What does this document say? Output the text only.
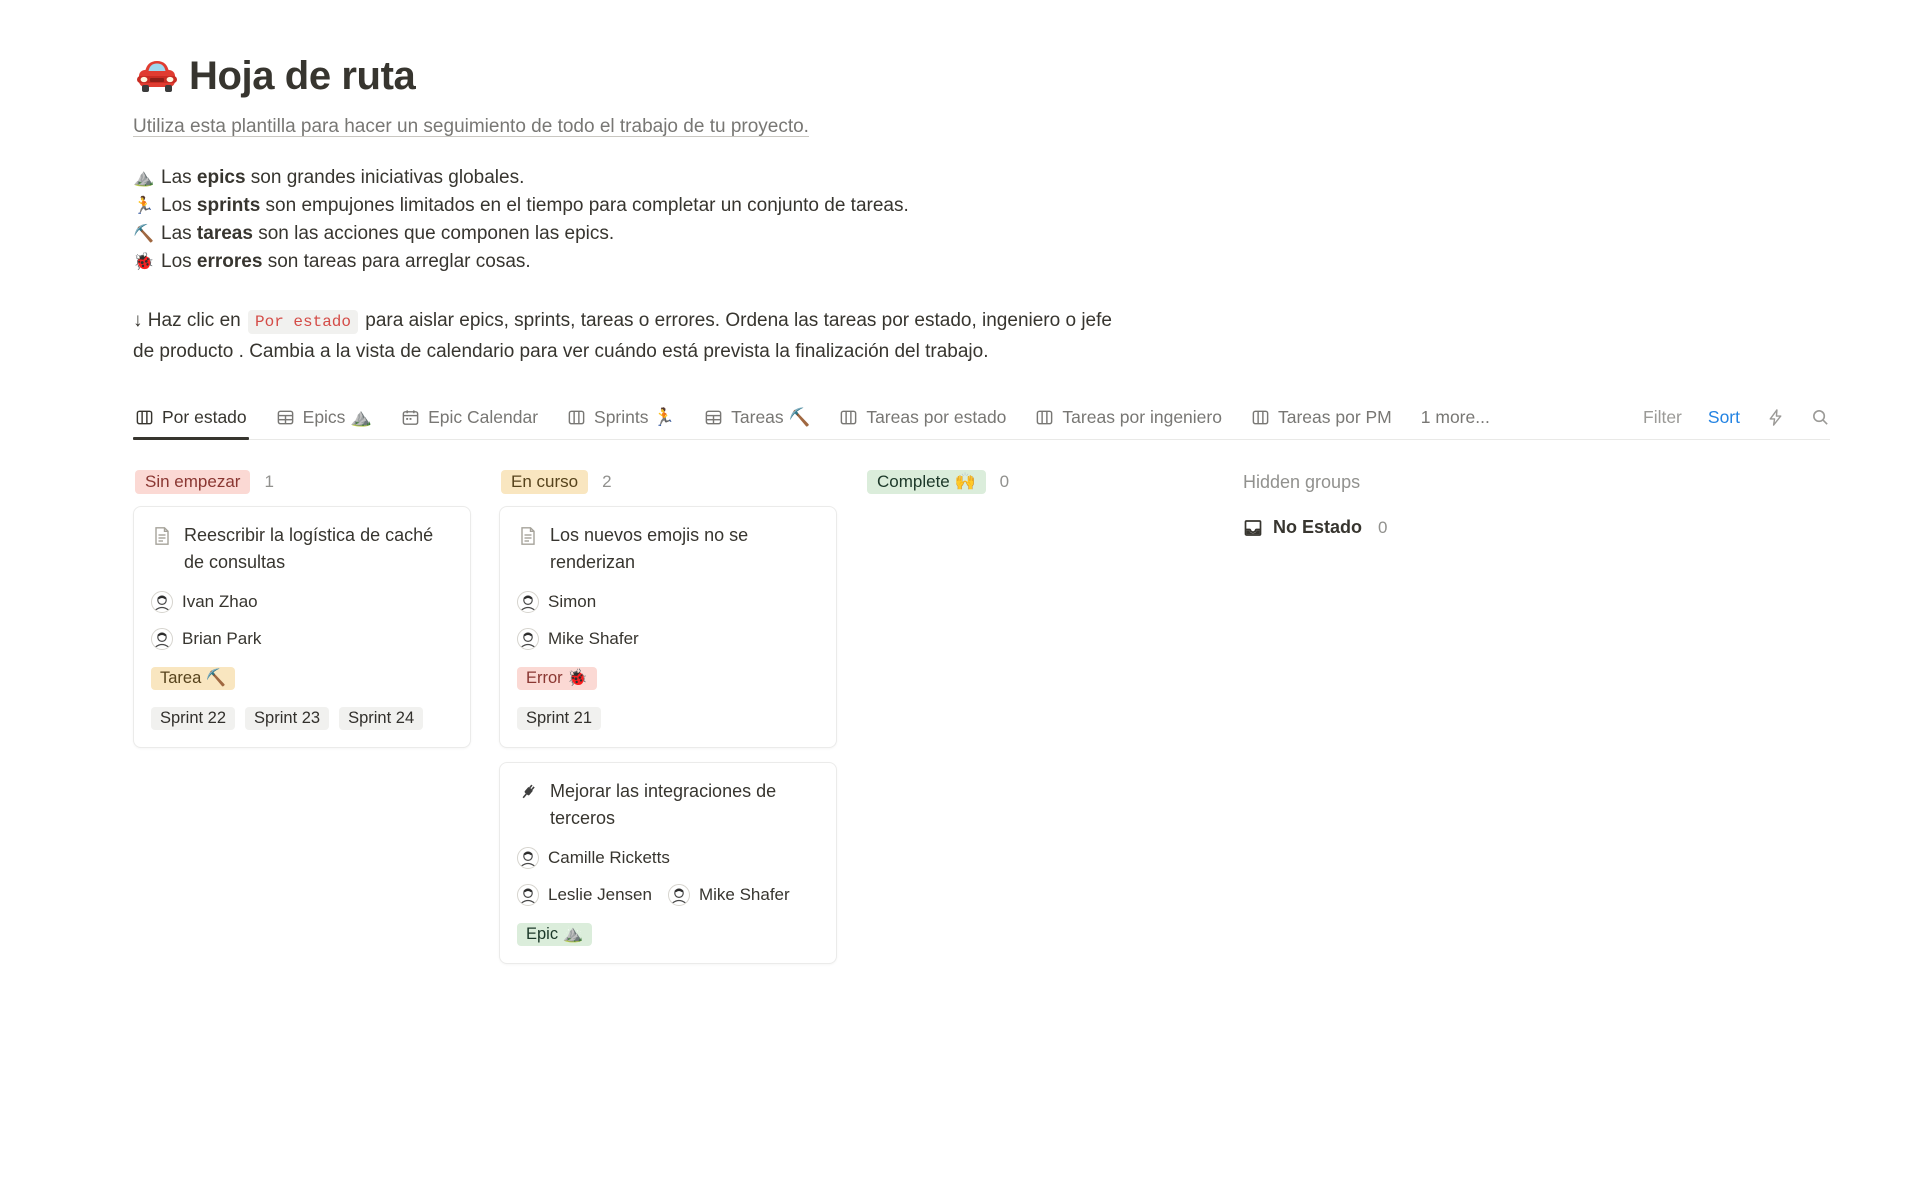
Hoja de ruta
Utiliza esta plantilla para hacer un seguimiento de todo el trabajo de tu proyecto.
⛰️ Las epics son grandes iniciativas globales.
🏃 Los sprints son empujones limitados en el tiempo para completar un conjunto de tareas.
⛏️ Las tareas son las acciones que componen las epics.
🐞 Los errores son tareas para arreglar cosas.
↓ Haz clic en Por estado para aislar epics, sprints, tareas o errores. Ordena las tareas por estado, ingeniero o jefe de producto . Cambia a la vista de calendario para ver cuándo está prevista la finalización del trabajo.
Por estado	Epics ⛰️	Epic Calendar	Sprints 🏃	Tareas ⛏️	Tareas por estado	Tareas por ingeniero	Tareas por PM 1 more...	Filter Sort
Sin empezar	1
Reescribir la logística de caché de consultas
Ivan Zhao
Brian Park
Tarea ⛏️
Sprint 22	Sprint 23	Sprint 24
En curso	2
Los nuevos emojis no se renderizan
Simon
Mike Shafer
Error 🐞
Sprint 21
Mejorar las integraciones de terceros
Camille Ricketts
Leslie Jensen	Mike Shafer
Epic ⛰️
Complete 🙌	0	Hidden groups
No Estado 0
